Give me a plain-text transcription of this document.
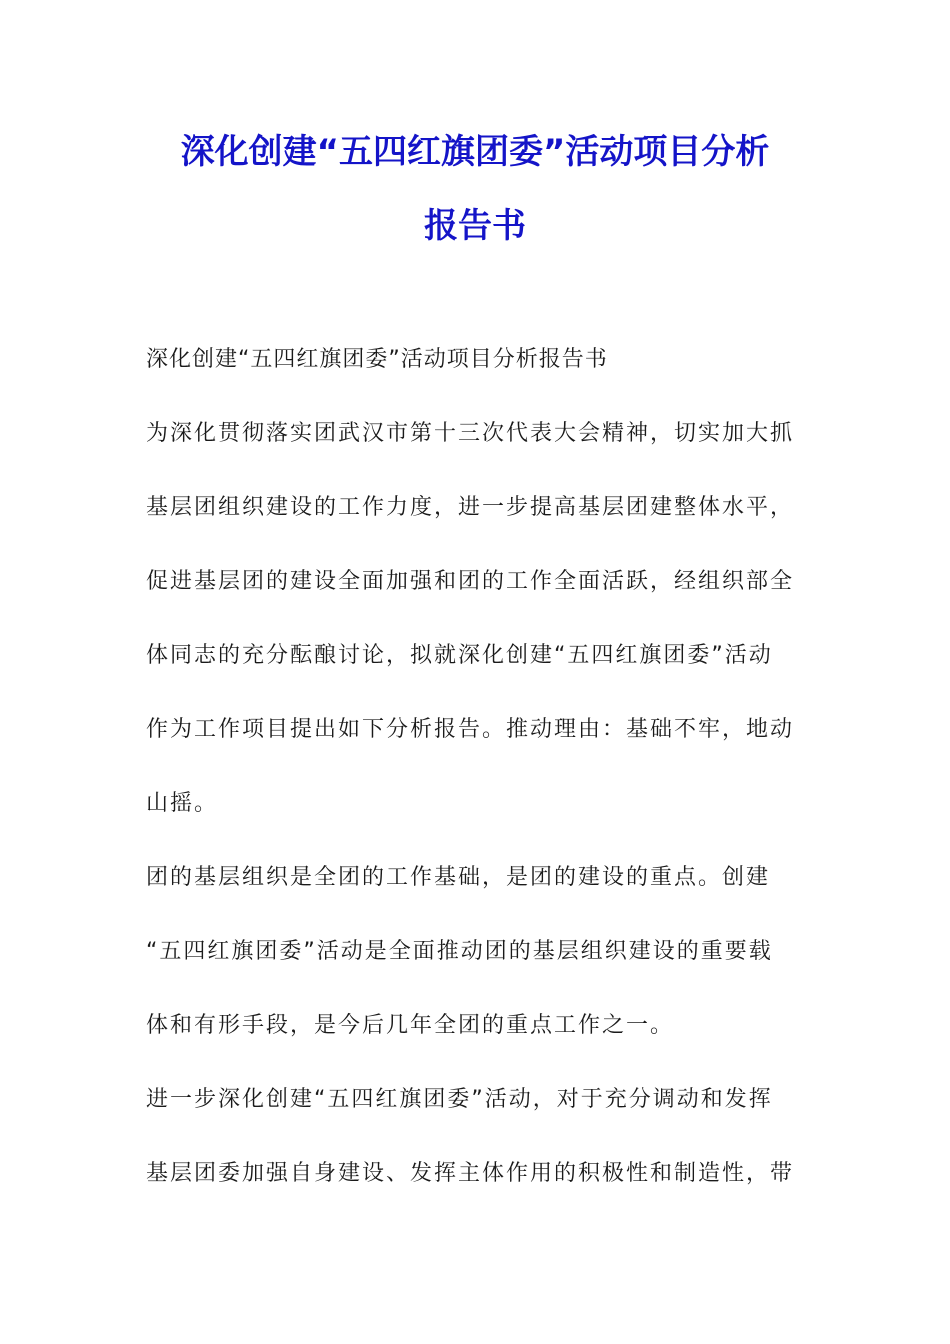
深化创建“五四红旗团委”活动项目分析
报告书
深化创建“五四红旗团委”活动项目分析报告书
为深化贯彻落实团武汉市第十三次代表大会精神，切实加大抓
基层团组织建设的工作力度，进一步提高基层团建整体水平，
促进基层团的建设全面加强和团的工作全面活跃，经组织部全
体同志的充分酝酿讨论，拟就深化创建“五四红旗团委”活动
作为工作项目提出如下分析报告。推动理由：基础不牢，地动
山摇。
团的基层组织是全团的工作基础，是团的建设的重点。创建
“五四红旗团委”活动是全面推动团的基层组织建设的重要载
体和有形手段，是今后几年全团的重点工作之一。
进一步深化创建“五四红旗团委”活动，对于充分调动和发挥
基层团委加强自身建设、发挥主体作用的积极性和制造性，带
